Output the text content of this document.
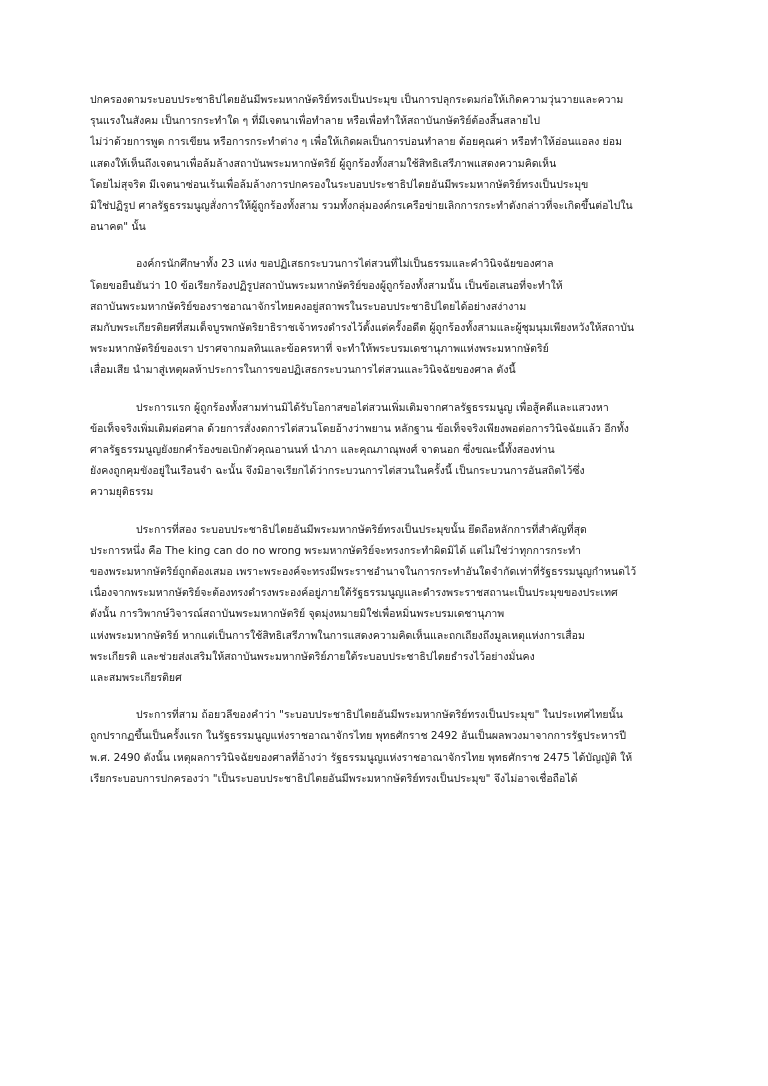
ปกครองตามระบอบประชาธิปไตยอันมีพระมหากษัตริย์ทรงเป็นประมุข เป็นการปลุกระดมก่อให้เกิดความวุ่นวายและความ
รุนแรงในสังคม เป็นการกระทำใด ๆ ที่มีเจตนาเพื่อทำลาย หรือเพื่อทำให้สถาบันกษัตริย์ต้องสิ้นสลายไป
ไม่ว่าด้วยการพูด การเขียน หรือการกระทำต่าง ๆ เพื่อให้เกิดผลเป็นการบ่อนทำลาย ด้อยคุณค่า หรือทำให้อ่อนแอลง ย่อม
แสดงให้เห็นถึงเจตนาเพื่อล้มล้างสถาบันพระมหากษัตริย์ ผู้ถูกร้องทั้งสามใช้สิทธิเสรีภาพแสดงความคิดเห็น
โดยไม่สุจริต มีเจตนาซ่อนเร้นเพื่อล้มล้างการปกครองในระบอบประชาธิปไตยอันมีพระมหากษัตริย์ทรงเป็นประมุข
มิใช่ปฏิรูป ศาลรัฐธรรมนูญสั่งการให้ผู้ถูกร้องทั้งสาม รวมทั้งกลุ่มองค์กรเครือข่ายเลิกการกระทำดังกล่าวที่จะเกิดขึ้นต่อไปใน
อนาคต" นั้น
องค์กรนักศึกษาทั้ง 23 แห่ง ขอปฏิเสธกระบวนการไต่สวนที่ไม่เป็นธรรมและคำวินิจฉัยของศาล
โดยขอยืนยันว่า 10 ข้อเรียกร้องปฏิรูปสถาบันพระมหากษัตริย์ของผู้ถูกร้องทั้งสามนั้น เป็นข้อเสนอที่จะทำให้
สถาบันพระมหากษัตริย์ของราชอาณาจักรไทยคงอยู่สถาพรในระบอบประชาธิปไตยได้อย่างสง่างาม
สมกับพระเกียรติยศที่สมเด็จบูรพกษัตริยาธิราชเจ้าทรงดำรงไว้ตั้งแต่ครั้งอดีต ผู้ถูกร้องทั้งสามและผู้ชุมนุมเพียงหวังให้สถาบัน
พระมหากษัตริย์ของเรา ปราศจากมลทินและข้อครหาที่ จะทำให้พระบรมเดชานุภาพแห่งพระมหากษัตริย์
เสื่อมเสีย นำมาสู่เหตุผลห้าประการในการขอปฏิเสธกระบวนการไต่สวนและวินิจฉัยของศาล ดังนี้
ประการแรก ผู้ถูกร้องทั้งสามท่านมิได้รับโอกาสขอไต่สวนเพิ่มเติมจากศาลรัฐธรรมนูญ เพื่อสู้คดีและแสวงหา
ข้อเท็จจริงเพิ่มเติมต่อศาล ด้วยการสั่งงดการไต่สวนโดยอ้างว่าพยาน หลักฐาน ข้อเท็จจริงเพียงพอต่อการวินิจฉัยแล้ว อีกทั้ง
ศาลรัฐธรรมนูญยังยกคำร้องขอเบิกตัวคุณอานนท์ นำภา และคุณภาณุพงศ์ จาดนอก ซึ่งขณะนี้ทั้งสองท่าน
ยังคงถูกคุมขังอยู่ในเรือนจำ ฉะนั้น จึงมิอาจเรียกได้ว่ากระบวนการไต่สวนในครั้งนี้ เป็นกระบวนการอันสถิตไว้ซึ่ง
ความยุติธรรม
ประการที่สอง ระบอบประชาธิปไตยอันมีพระมหากษัตริย์ทรงเป็นประมุขนั้น ยึดถือหลักการที่สำคัญที่สุด
ประการหนึ่ง คือ The king can do no wrong พระมหากษัตริย์จะทรงกระทำผิดมิได้ แต่ไม่ใช่ว่าทุกการกระทำ
ของพระมหากษัตริย์ถูกต้องเสมอ เพราะพระองค์จะทรงมีพระราชอำนาจในการกระทำอันใดจำกัดเท่าที่รัฐธรรมนูญกำหนดไว้
เนื่องจากพระมหากษัตริย์จะต้องทรงดำรงพระองค์อยู่ภายใต้รัฐธรรมนูญและดำรงพระราชสถานะเป็นประมุขของประเทศ
ดังนั้น การวิพากษ์วิจารณ์สถาบันพระมหากษัตริย์ จุดมุ่งหมายมิใช่เพื่อหมิ่นพระบรมเดชานุภาพ
แห่งพระมหากษัตริย์ หากแต่เป็นการใช้สิทธิเสรีภาพในการแสดงความคิดเห็นและถกเถียงถึงมูลเหตุแห่งการเสื่อม
พระเกียรติ และช่วยส่งเสริมให้สถาบันพระมหากษัตริย์ภายใต้ระบอบประชาธิปไตยธำรงไว้อย่างมั่นคง
และสมพระเกียรติยศ
ประการที่สาม ถ้อยวลีของคำว่า "ระบอบประชาธิปไตยอันมีพระมหากษัตริย์ทรงเป็นประมุข" ในประเทศไทยนั้น
ถูกปรากฏขึ้นเป็นครั้งแรก ในรัฐธรรมนูญแห่งราชอาณาจักรไทย พุทธศักราช 2492 อันเป็นผลพวงมาจากการรัฐประหารปี
พ.ศ. 2490 ดังนั้น เหตุผลการวินิจฉัยของศาลที่อ้างว่า รัฐธรรมนูญแห่งราชอาณาจักรไทย พุทธศักราช 2475 ได้บัญญัติ ให้
เรียกระบอบการปกครองว่า "เป็นระบอบประชาธิปไตยอันมีพระมหากษัตริย์ทรงเป็นประมุข" จึงไม่อาจเชื่อถือได้
